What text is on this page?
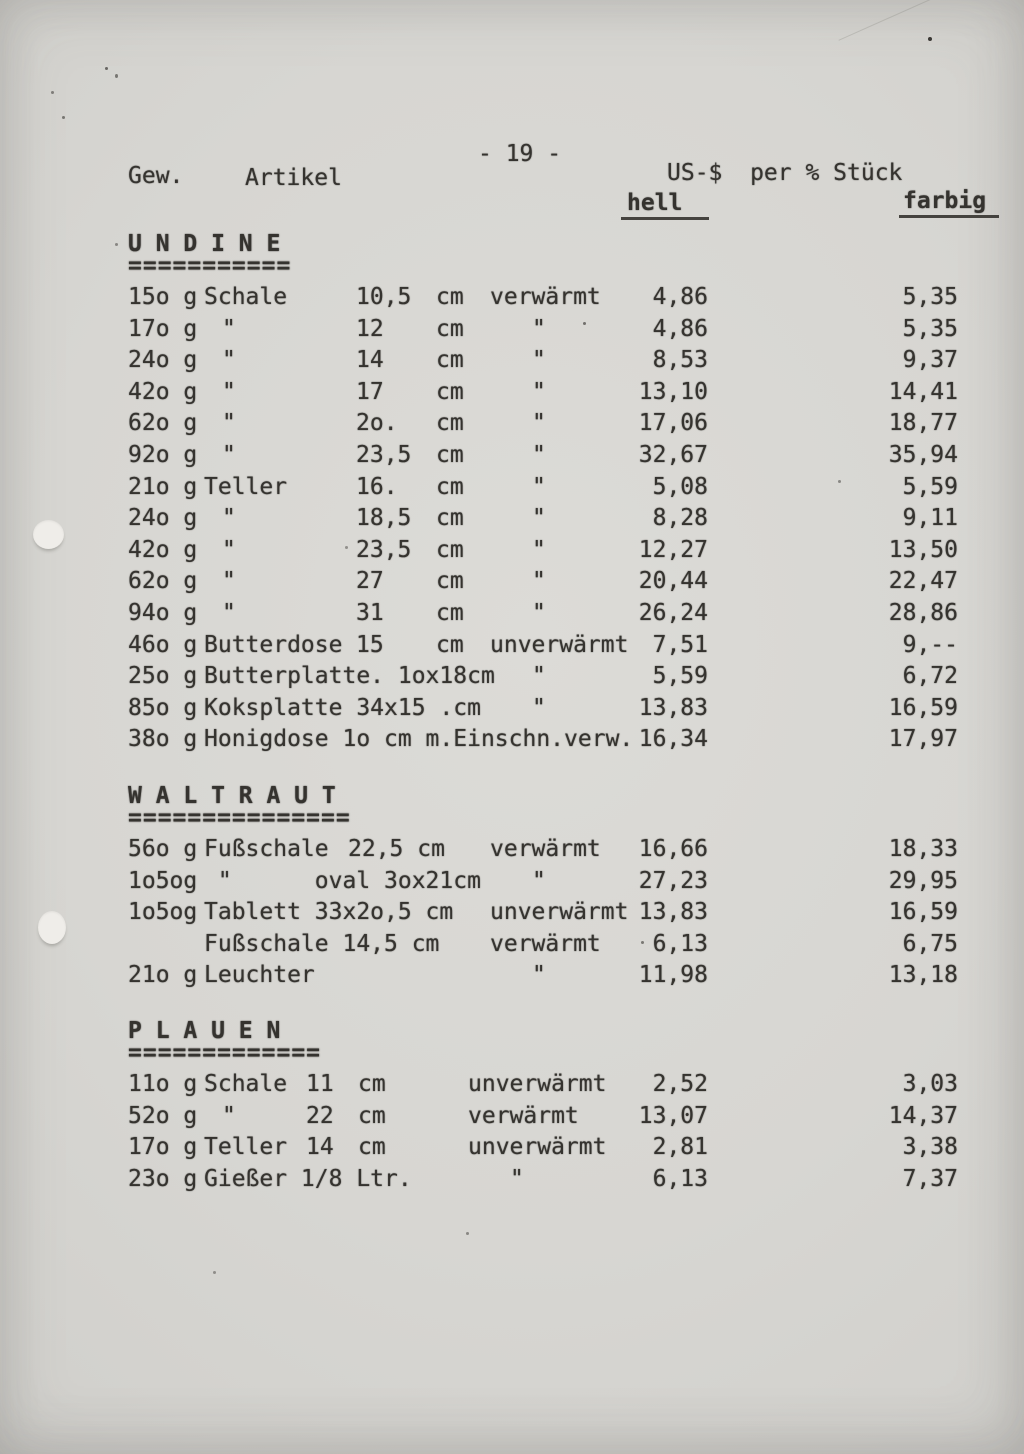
- 19 -
Gew.	Artikel	US-$  per % Stück
hell	farbig
U N D I N E
===========
15o g Schale	10,5 cm verwärmt	4,86	5,35
17o g	"	12 cm	"	4,86	5,35
24o g	"	14 cm	"	8,53	9,37
42o g	"	17 cm	"	13,10	14,41
62o g	"	2o. cm	"	17,06	18,77
92o g	"	23,5 cm	"	32,67	35,94
21o g Teller	16. cm	"	5,08	5,59
24o g	"	18,5 cm	"	8,28	9,11
42o g	"	23,5 cm	"	12,27	13,50
62o g	"	27 cm	"	20,44	22,47
94o g	"	31 cm	"	26,24	28,86
46o g Butterdose 15 cm unverwärmt	7,51	9,--
25o g Butterplatte. 1ox18cm	"	5,59	6,72
85o g Koksplatte 34x15 .cm	"	13,83	16,59
38o g Honigdose 1o cm m.Einschn.verw. 16,34	17,97
W A L T R A U T
===============
56o g Fußschale 22,5 cm verwärmt	16,66	18,33
1o5og "      oval 3ox21cm	"	27,23	29,95
1o5og Tablett 33x2o,5 cm unverwärmt 13,83	16,59
Fußschale 14,5 cm verwärmt	6,13	6,75
21o g Leuchter	"	11,98	13,18
P L A U E N
=============
11o g Schale 11 cm	unverwärmt	2,52	3,03
52o g	"	22 cm	verwärmt	13,07	14,37
17o g Teller 14 cm	unverwärmt	2,81	3,38
23o g Gießer 1/8 Ltr.	"	6,13	7,37
